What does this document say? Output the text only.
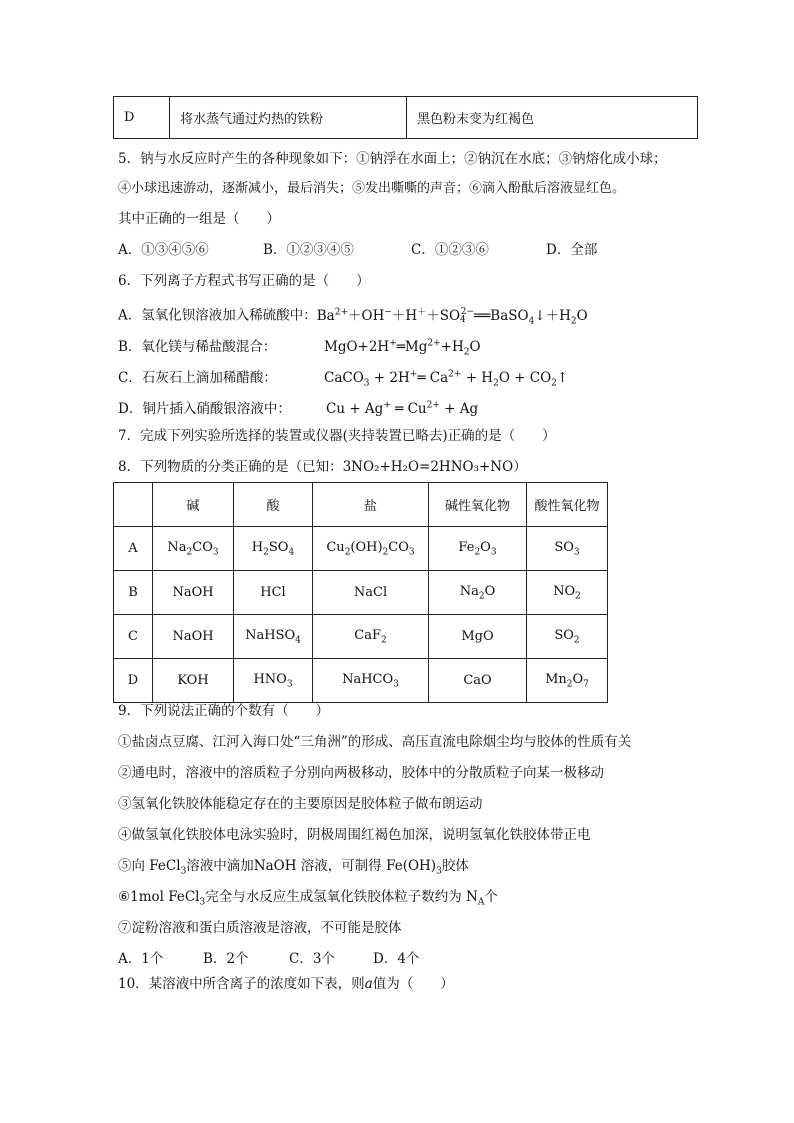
D	将水蒸气通过灼热的铁粉	黑色粉末变为红褐色
5．钠与水反应时产生的各种现象如下：①钠浮在水面上；②钠沉在水底；③钠熔化成小球；
④小球迅速游动，逐渐减小，最后消失；⑤发出嘶嘶的声音；⑥滴入酚酞后溶液显红色。
其中正确的一组是（　　）
A．①③④⑤⑥	B．①②③④⑤	C．①②③⑥	D．全部
6．下列离子方程式书写正确的是（　　）
A．氢氧化钡溶液加入稀硫酸中：$Ba^{2+}+OH^-+H^++SO_4^{2-}══BaSO_4↓+H_2O$
B．氧化镁与稀盐酸混合：	$MgO+2H^+═Mg^{2+}+H_2O$
C．石灰石上滴加稀醋酸：	CaCO$_3$ + 2H+═ $Ca^{2+} + H_2O$ + $CO_2↑$
D．铜片插入硝酸银溶液中：	Cu + Ag+ ═ $Cu^{2+} + Ag$
7．完成下列实验所选择的装置或仪器(夹持装置已略去)正确的是（　　）
8．下列物质的分类正确的是（已知：3NO₂+H₂O=2HNO₃+NO）
	碱	酸	盐	碱性氧化物	酸性氧化物
A	$Na_2CO_3$	$H_2SO_4$	$Cu_2(OH)_2CO_3$	$Fe_2O_3$	$SO_3$
B	NaOH	HCl	NaCl	$Na_2O$	$NO_2$
C	NaOH	NaHSO$_4$	CaF$_2$	MgO	$SO_2$
D	KOH	$HNO_3$	NaHCO$_3$	CaO	$Mn_2O_7$
9．下列说法正确的个数有（　　）
①盐卤点豆腐、江河入海口处“三角洲”的形成、高压直流电除烟尘均与胶体的性质有关
②通电时，溶液中的溶质粒子分别向两极移动，胶体中的分散质粒子向某一极移动
③氢氧化铁胶体能稳定存在的主要原因是胶体粒子做布朗运动
④做氢氧化铁胶体电泳实验时，阴极周围红褐色加深，说明氢氧化铁胶体带正电
⑤向 FeCl$_3$溶液中滴加NaOH 溶液，可制得 $Fe(OH)_3$胶体
⑥1mol FeCl$_3$完全与水反应生成氢氧化铁胶体粒子数约为 $N_A$个
⑦淀粉溶液和蛋白质溶液是溶液，不可能是胶体
A．1个	B．2个	C．3个	D．4个
10．某溶液中所含离子的浓度如下表，则a值为（　　）
